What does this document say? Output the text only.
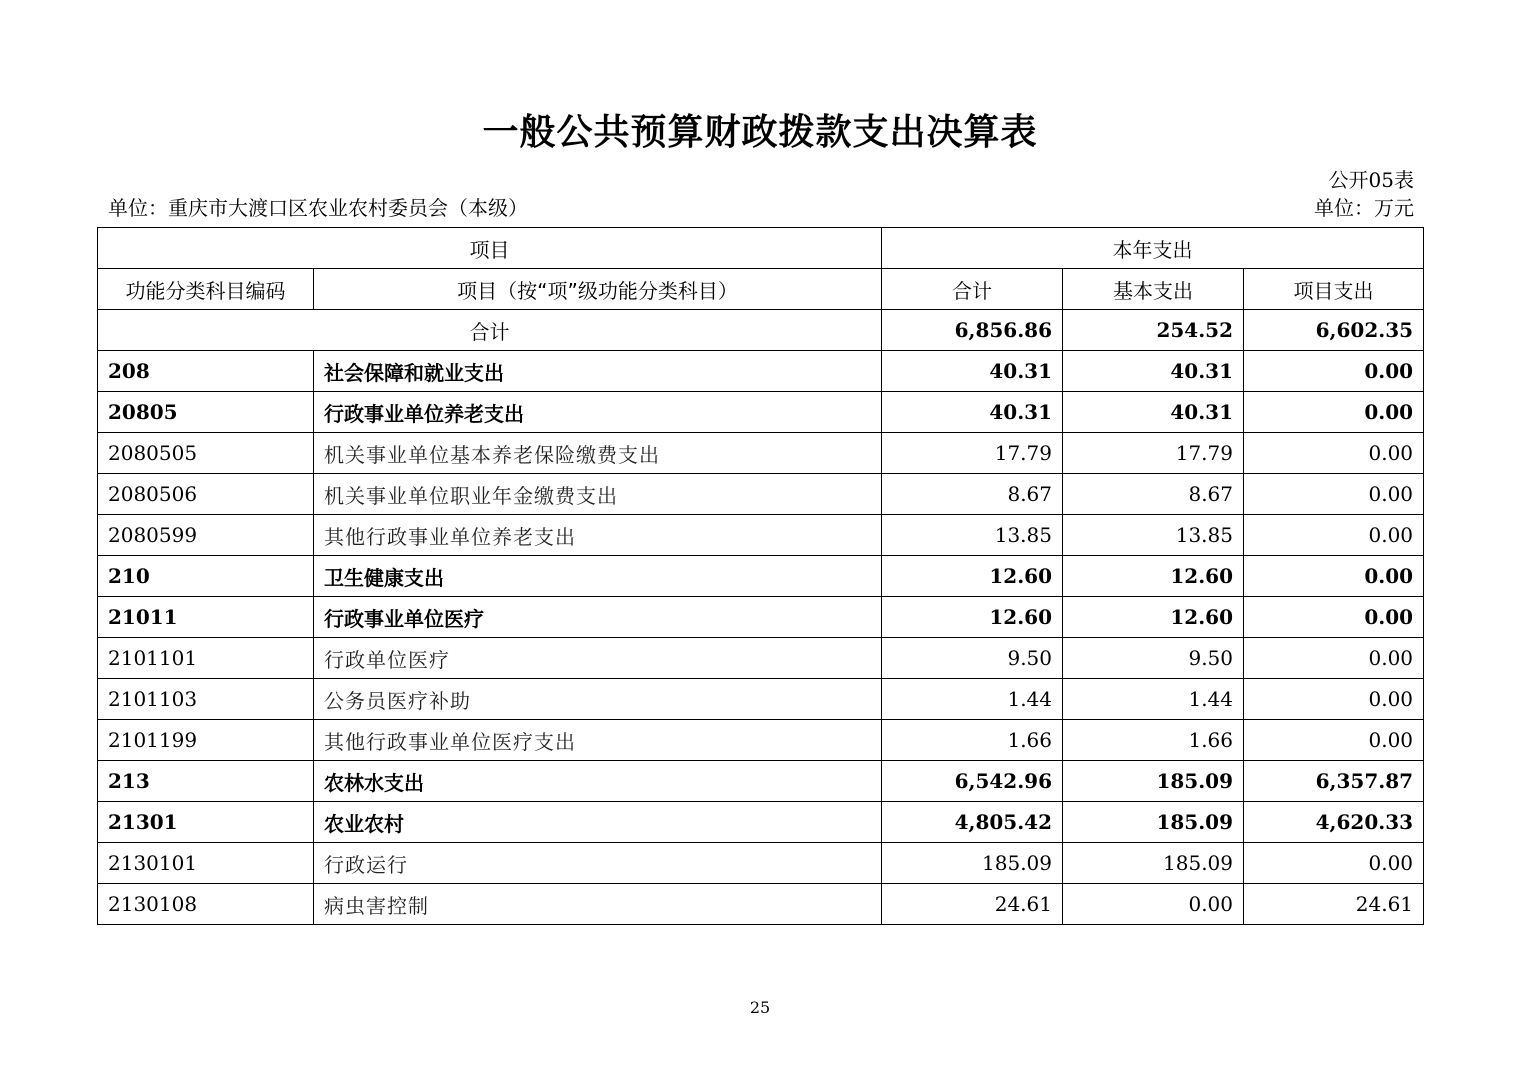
一般公共预算财政拨款支出决算表
公开05表
单位：重庆市大渡口区农业农村委员会（本级）	单位：万元
项目		本年支出		
功能分类科目编码	项目（按“项”级功能分类科目）	合计	基本支出	项目支出
合计		6,856.86	254.52	6,602.35
208	社会保障和就业支出	40.31	40.31	0.00
20805	行政事业单位养老支出	40.31	40.31	0.00
2080505	机关事业单位基本养老保险缴费支出	17.79	17.79	0.00
2080506	机关事业单位职业年金缴费支出	8.67	8.67	0.00
2080599	其他行政事业单位养老支出	13.85	13.85	0.00
210	卫生健康支出	12.60	12.60	0.00
21011	行政事业单位医疗	12.60	12.60	0.00
2101101	行政单位医疗	9.50	9.50	0.00
2101103	公务员医疗补助	1.44	1.44	0.00
2101199	其他行政事业单位医疗支出	1.66	1.66	0.00
213	农林水支出	6,542.96	185.09	6,357.87
21301	农业农村	4,805.42	185.09	4,620.33
2130101	行政运行	185.09	185.09	0.00
2130108	病虫害控制	24.61	0.00	24.61
25
